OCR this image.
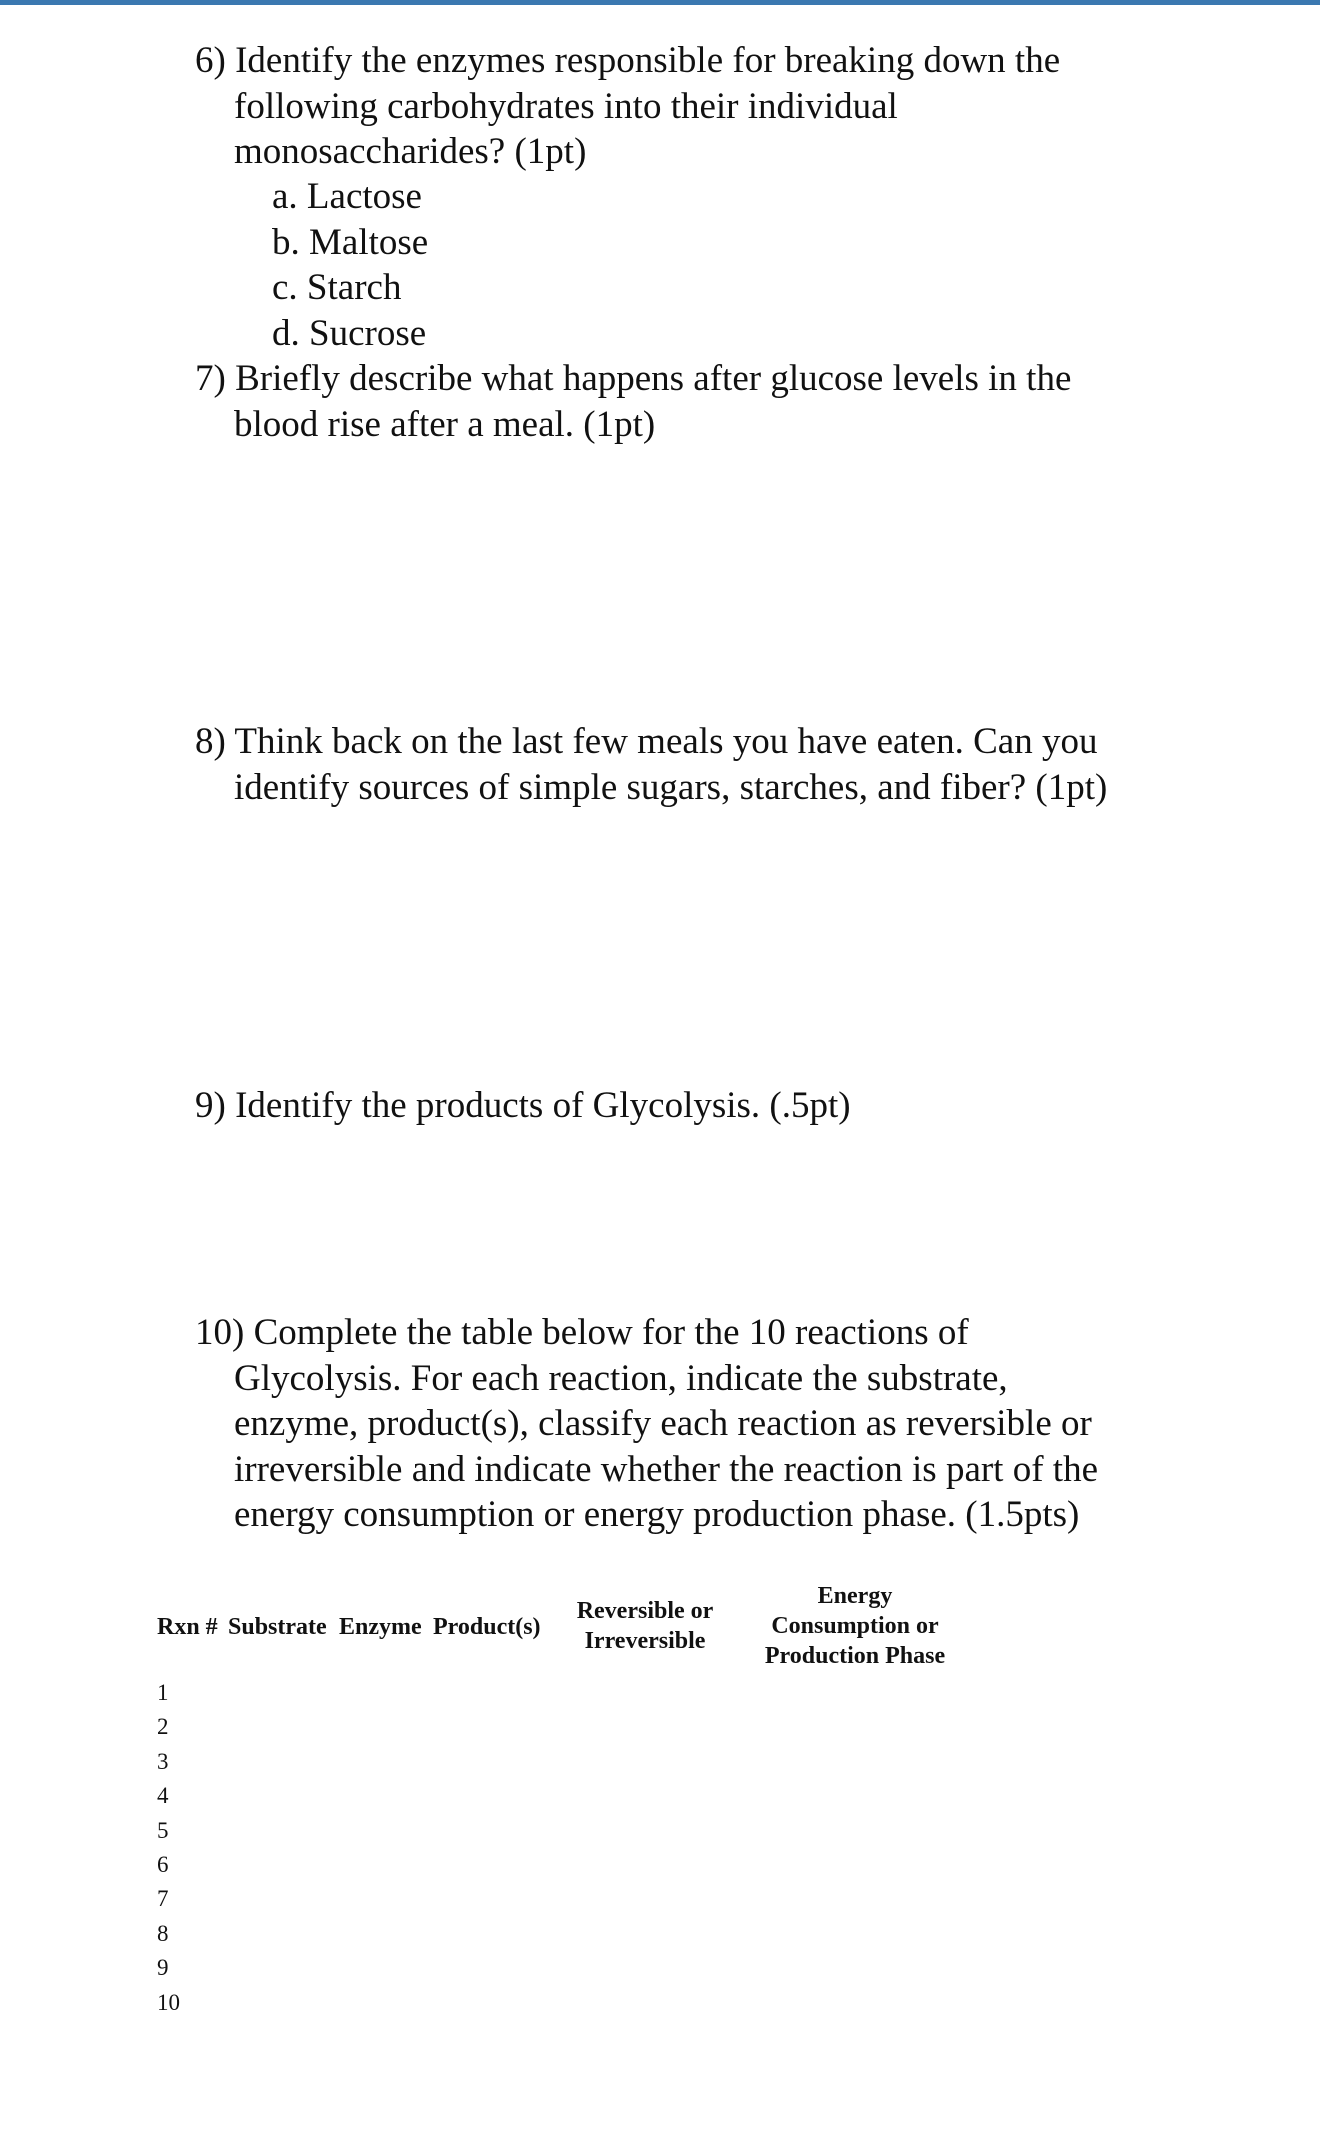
6) Identify the enzymes responsible for breaking down the
following carbohydrates into their individual
monosaccharides? (1pt)
a. Lactose
b. Maltose
c. Starch
d. Sucrose
7) Briefly describe what happens after glucose levels in the
blood rise after a meal. (1pt)
8) Think back on the last few meals you have eaten. Can you
identify sources of simple sugars, starches, and fiber? (1pt)
9) Identify the products of Glycolysis. (.5pt)
10) Complete the table below for the 10 reactions of
Glycolysis. For each reaction, indicate the substrate,
enzyme, product(s), classify each reaction as reversible or
irreversible and indicate whether the reaction is part of the
energy consumption or energy production phase. (1.5pts)
Rxn # Substrate Enzyme Product(s)
Reversible or
Irreversible
Energy
Consumption or
Production Phase
1
2
3
4
5
6
7
8
9
10
